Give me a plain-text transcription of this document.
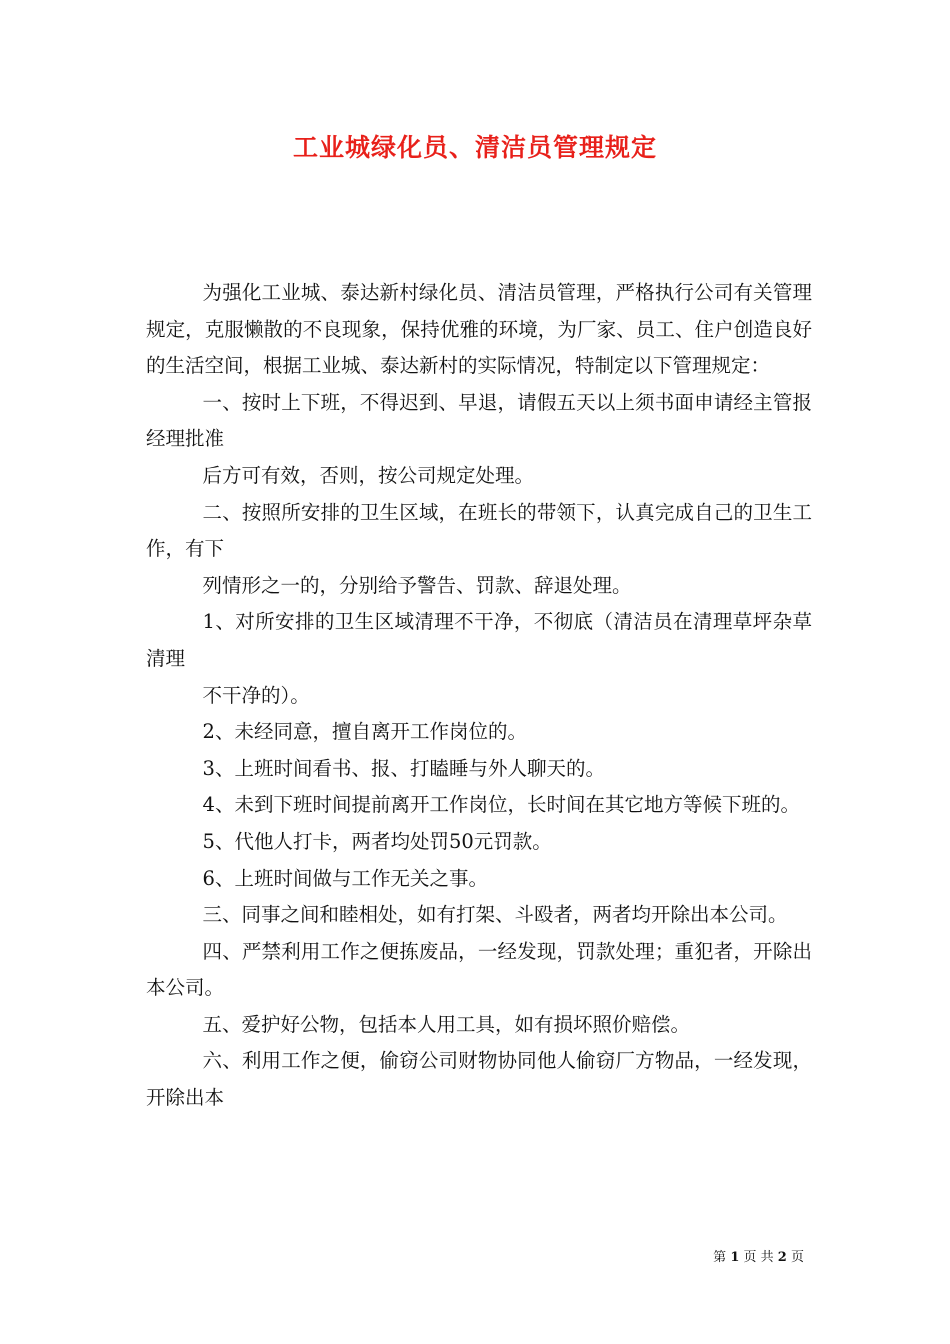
工业城绿化员、清洁员管理规定

为强化工业城、泰达新村绿化员、清洁员管理，严格执行公司有关管理规定，克服懒散的不良现象，保持优雅的环境，为厂家、员工、住户创造良好的生活空间，根据工业城、泰达新村的实际情况，特制定以下管理规定：

一、按时上下班，不得迟到、早退，请假五天以上须书面申请经主管报经理批准

后方可有效，否则，按公司规定处理。

二、按照所安排的卫生区域，在班长的带领下，认真完成自己的卫生工作，有下

列情形之一的，分别给予警告、罚款、辞退处理。

1、对所安排的卫生区域清理不干净，不彻底（清洁员在清理草坪杂草清理

不干净的）。

2、未经同意，擅自离开工作岗位的。

3、上班时间看书、报、打瞌睡与外人聊天的。

4、未到下班时间提前离开工作岗位，长时间在其它地方等候下班的。

5、代他人打卡，两者均处罚50元罚款。

6、上班时间做与工作无关之事。

三、同事之间和睦相处，如有打架、斗殴者，两者均开除出本公司。

四、严禁利用工作之便拣废品，一经发现，罚款处理；重犯者，开除出本公司。

五、爱护好公物，包括本人用工具，如有损坏照价赔偿。

六、利用工作之便，偷窃公司财物协同他人偷窃厂方物品，一经发现，开除出本

第 1 页 共 2 页
